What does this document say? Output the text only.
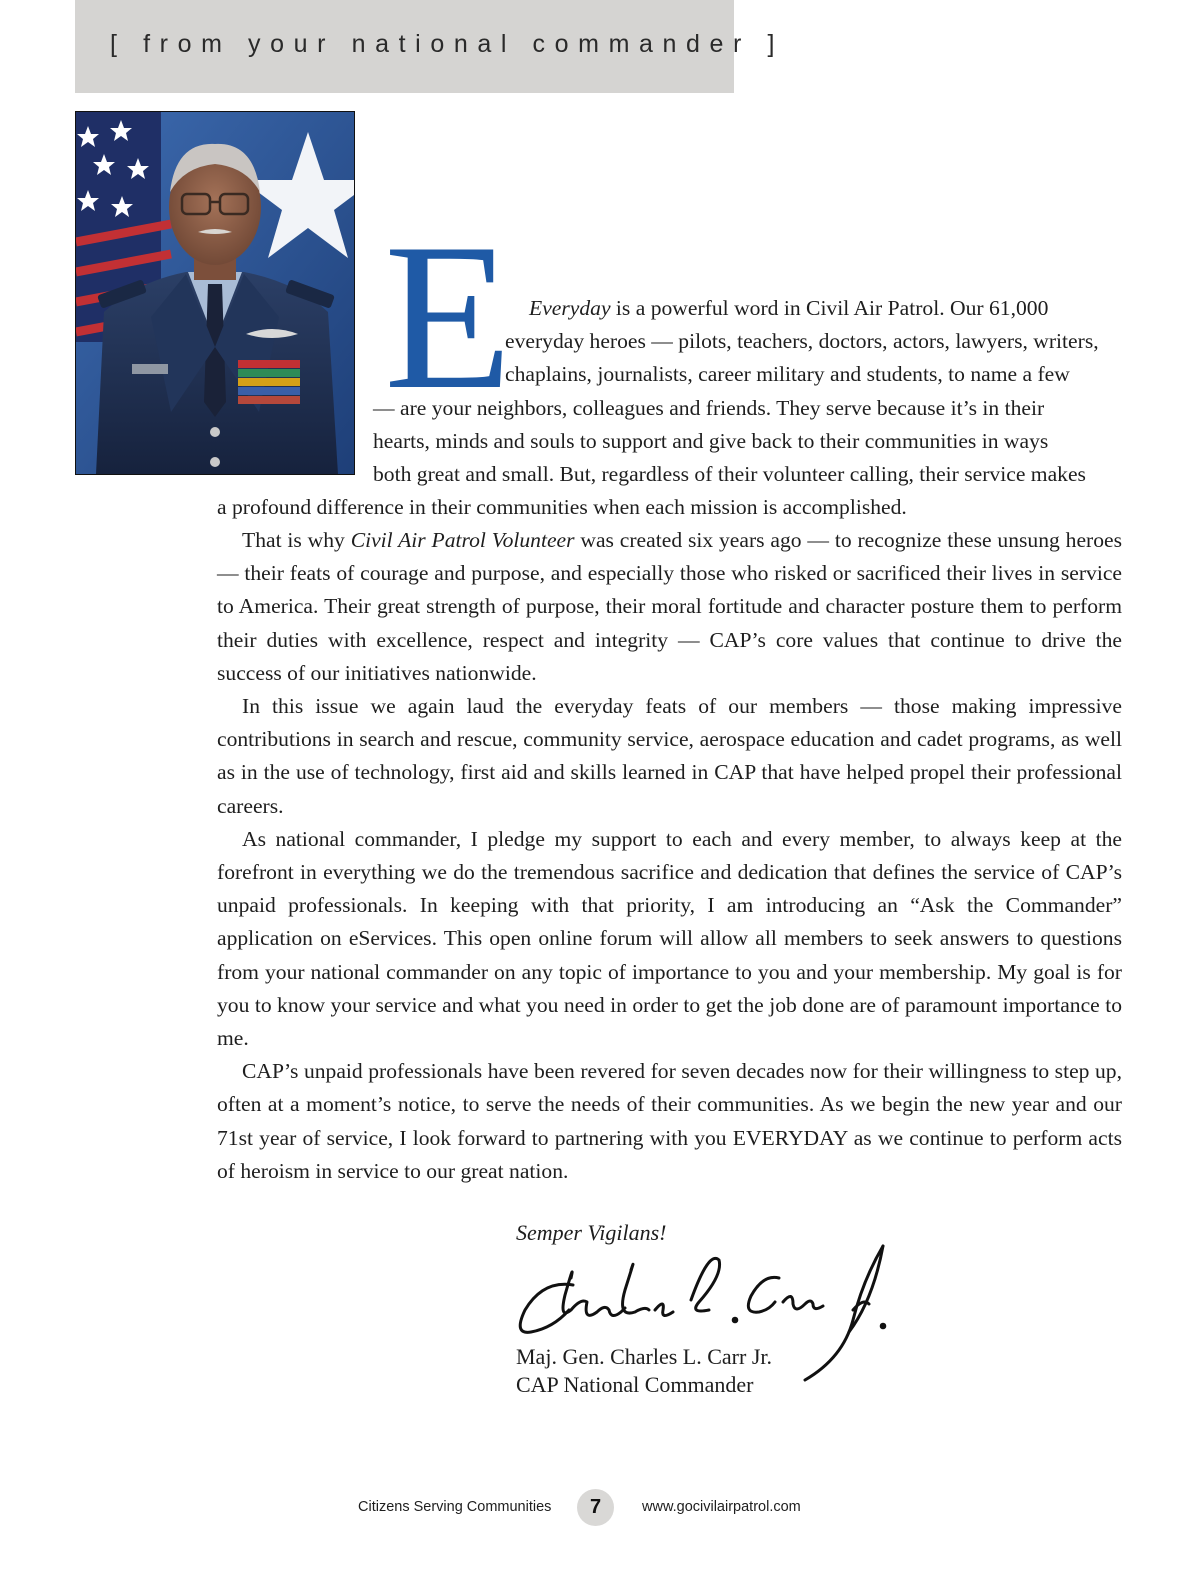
[ from your national commander ]
E Everyday is a powerful word in Civil Air Patrol. Our 61,000
everyday heroes — pilots, teachers, doctors, actors, lawyers, writers,
chaplains, journalists, career military and students, to name a few
— are your neighbors, colleagues and friends. They serve because it’s in their
hearts, minds and souls to support and give back to their communities in ways
both great and small. But, regardless of their volunteer calling, their service makes
a profound difference in their communities when each mission is accomplished.

That is why Civil Air Patrol Volunteer was created six years ago — to recognize these unsung heroes — their feats of courage and purpose, and especially those who risked or sacrificed their lives in service to America. Their great strength of purpose, their moral fortitude and character posture them to perform their duties with excellence, respect and integrity — CAP’s core values that continue to drive the success of our initiatives nationwide.

In this issue we again laud the everyday feats of our members — those making impressive contributions in search and rescue, community service, aerospace education and cadet programs, as well as in the use of technology, first aid and skills learned in CAP that have helped propel their professional careers.

As national commander, I pledge my support to each and every member, to always keep at the forefront in everything we do the tremendous sacrifice and dedication that defines the service of CAP’s unpaid professionals. In keeping with that priority, I am introducing an “Ask the Commander” application on eServices. This open online forum will allow all members to seek answers to questions from your national commander on any topic of importance to you and your membership. My goal is for you to know your service and what you need in order to get the job done are of paramount importance to me.

CAP’s unpaid professionals have been revered for seven decades now for their willingness to step up, often at a moment’s notice, to serve the needs of their communities. As we begin the new year and our 71st year of service, I look forward to partnering with you EVERYDAY as we continue to perform acts of heroism in service to our great nation.

Semper Vigilans!
Maj. Gen. Charles L. Carr Jr.
CAP National Commander
Citizens Serving Communities	7	www.gocivilairpatrol.com
